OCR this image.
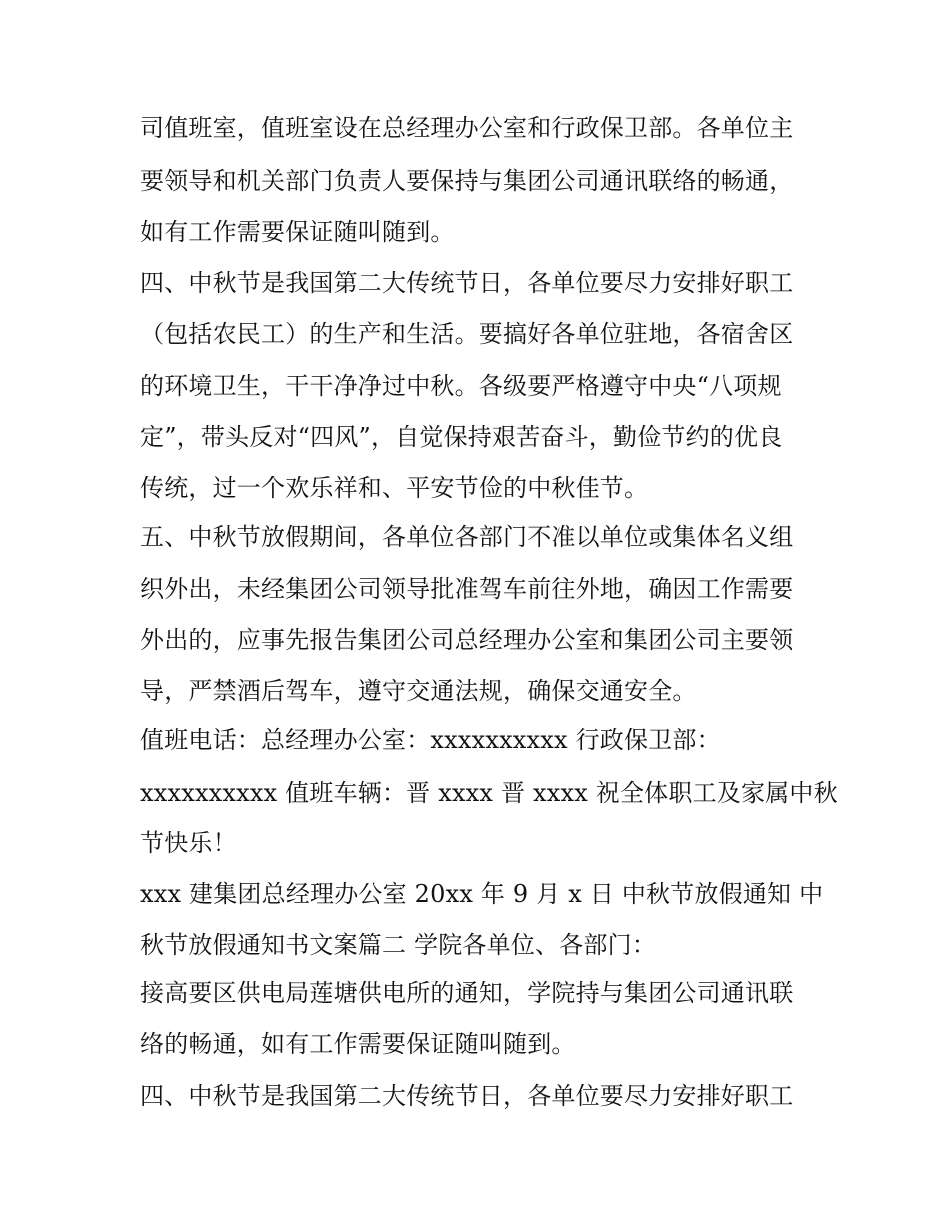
司值班室，值班室设在总经理办公室和行政保卫部。各单位主
要领导和机关部门负责人要保持与集团公司通讯联络的畅通，
如有工作需要保证随叫随到。
四、中秋节是我国第二大传统节日，各单位要尽力安排好职工
（包括农民工）的生产和生活。要搞好各单位驻地，各宿舍区
的环境卫生，干干净净过中秋。各级要严格遵守中央“八项规
定”，带头反对“四风”，自觉保持艰苦奋斗，勤俭节约的优良
传统，过一个欢乐祥和、平安节俭的中秋佳节。
五、中秋节放假期间，各单位各部门不准以单位或集体名义组
织外出，未经集团公司领导批准驾车前往外地，确因工作需要
外出的，应事先报告集团公司总经理办公室和集团公司主要领
导，严禁酒后驾车，遵守交通法规，确保交通安全。
值班电话：总经理办公室：xxxxxxxxxx 行政保卫部：
xxxxxxxxxx 值班车辆：晋 xxxx 晋 xxxx 祝全体职工及家属中秋
节快乐！
xxx 建集团总经理办公室 20xx 年 9 月 x 日 中秋节放假通知 中
秋节放假通知书文案篇二 学院各单位、各部门：
接高要区供电局莲塘供电所的通知，学院持与集团公司通讯联
络的畅通，如有工作需要保证随叫随到。
四、中秋节是我国第二大传统节日，各单位要尽力安排好职工
